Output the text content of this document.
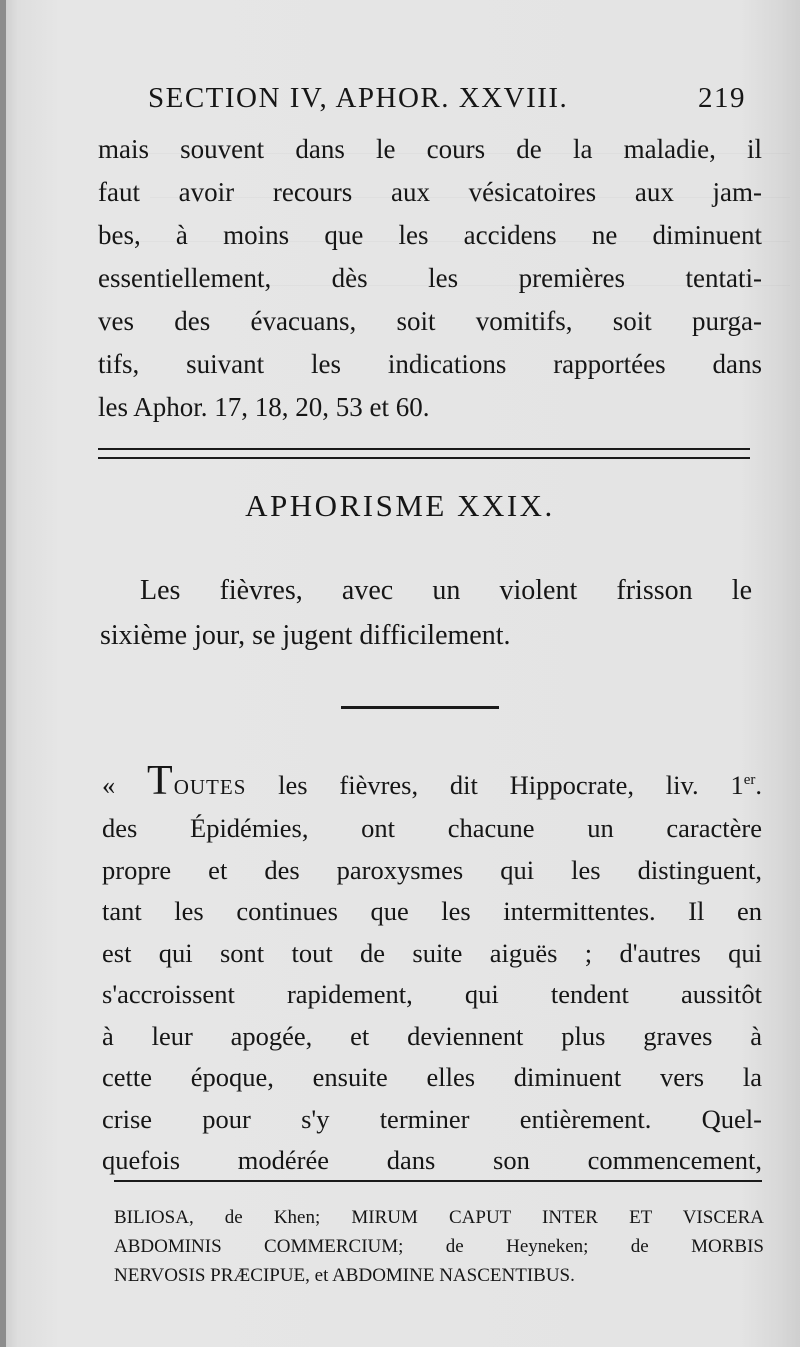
SECTION IV, APHOR. XXVIII.	219
mais souvent dans le cours de la maladie, il
faut avoir recours aux vésicatoires aux jam-
bes, à moins que les accidens ne diminuent
essentiellement, dès les premières tentati-
ves des évacuans, soit vomitifs, soit purga-
tifs, suivant les indications rapportées dans
les Aphor. 17, 18, 20, 53 et 60.
APHORISME XXIX.
Les fièvres, avec un violent frisson le
sixième jour, se jugent difficilement.
« TOUTES les fièvres, dit Hippocrate, liv. 1er.
des Épidémies, ont chacune un caractère
propre et des paroxysmes qui les distinguent,
tant les continues que les intermittentes. Il en
est qui sont tout de suite aiguës ; d'autres qui
s'accroissent rapidement, qui tendent aussitôt
à leur apogée, et deviennent plus graves à
cette époque, ensuite elles diminuent vers la
crise pour s'y terminer entièrement. Quel-
quefois modérée dans son commencement,
BILIOSA, de Khen; MIRUM CAPUT INTER ET VISCERA
ABDOMINIS COMMERCIUM; de Heyneken; de MORBIS
NERVOSIS PRÆCIPUE, et ABDOMINE NASCENTIBUS.
